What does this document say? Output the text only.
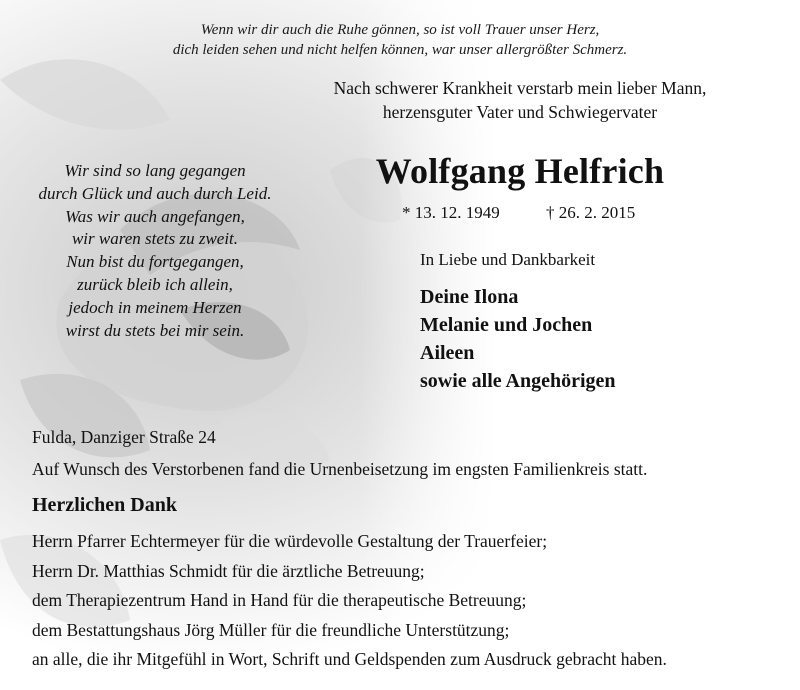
Wenn wir dir auch die Ruhe gönnen, so ist voll Trauer unser Herz,
dich leiden sehen und nicht helfen können, war unser allergrößter Schmerz.
Nach schwerer Krankheit verstarb mein lieber Mann,
herzensguter Vater und Schwiegervater
Wolfgang Helfrich
* 13. 12. 1949	† 26. 2. 2015
Wir sind so lang gegangen
durch Glück und auch durch Leid.
Was wir auch angefangen,
wir waren stets zu zweit.
Nun bist du fortgegangen,
zurück bleib ich allein,
jedoch in meinem Herzen
wirst du stets bei mir sein.
In Liebe und Dankbarkeit
Deine Ilona
Melanie und Jochen
Aileen
sowie alle Angehörigen
Fulda, Danziger Straße 24
Auf Wunsch des Verstorbenen fand die Urnenbeisetzung im engsten Familienkreis statt.
Herzlichen Dank
Herrn Pfarrer Echtermeyer für die würdevolle Gestaltung der Trauerfeier;
Herrn Dr. Matthias Schmidt für die ärztliche Betreuung;
dem Therapiezentrum Hand in Hand für die therapeutische Betreuung;
dem Bestattungshaus Jörg Müller für die freundliche Unterstützung;
an alle, die ihr Mitgefühl in Wort, Schrift und Geldspenden zum Ausdruck gebracht haben.
